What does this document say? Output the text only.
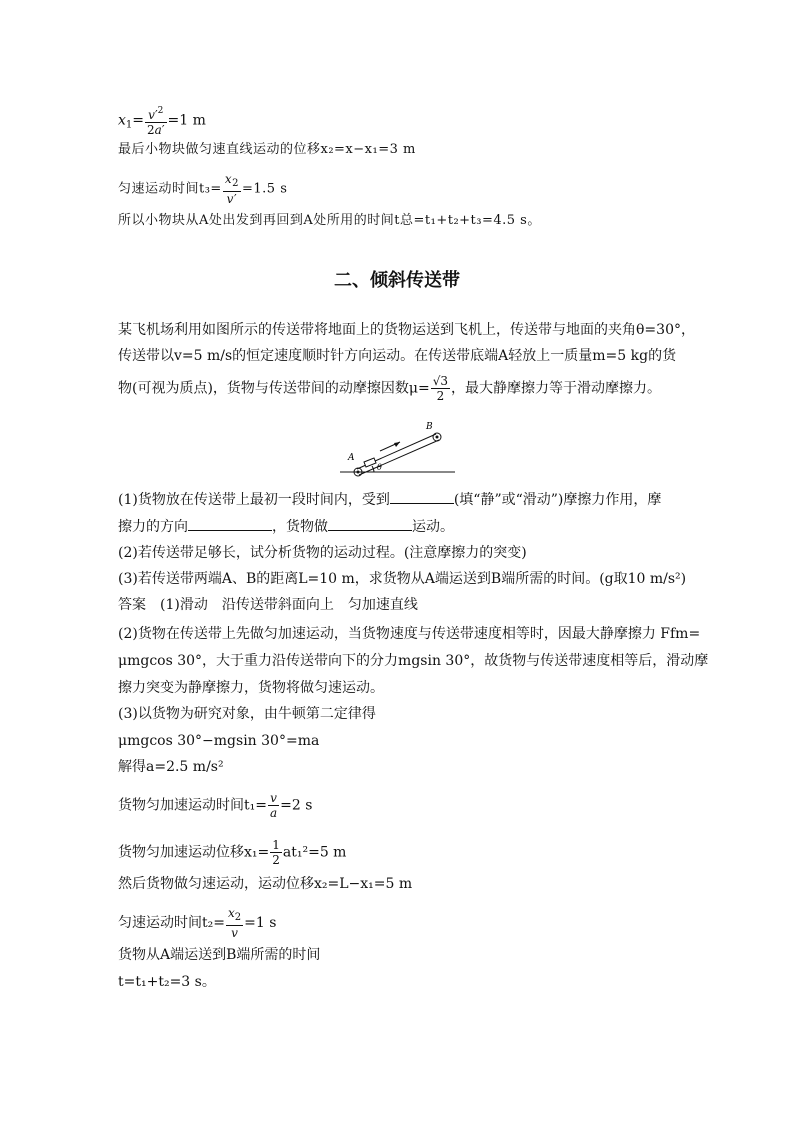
$x_1= \frac{v'^2}{2a'} =1$ m
最后小物块做匀速直线运动的位移x₂=x−x₁=3 m
匀速运动时间$t_3= \frac{x_2}{v'} =1.5$ s
所以小物块从A处出发到再回到A处所用的时间t总=t₁+t₂+t₃=4.5 s。
二、倾斜传送带
某飞机场利用如图所示的传送带将地面上的货物运送到飞机上，传送带与地面的夹角θ=30°，
传送带以v=5 m/s的恒定速度顺时针方向运动。在传送带底端A轻放上一质量m=5 kg的货
物(可视为质点)，货物与传送带间的动摩擦因数$\mu= \frac{√3}{2}$ ，最大静摩擦力等于滑动摩擦力。
A
B
θ
(1)货物放在传送带上最初一段时间内，受到	(填“静”或“滑动”)摩擦力作用，摩
擦力的方向	，货物做	运动。
(2)若传送带足够长，试分析货物的运动过程。(注意摩擦力的突变)
(3)若传送带两端A、B的距离L=10 m，求货物从A端运送到B端所需的时间。(g取10 m/s²)
答案　(1)滑动　沿传送带斜面向上　匀加速直线
(2)货物在传送带上先做匀加速运动，当货物速度与传送带速度相等时，因最大静摩擦力 Ffm=
μmgcos 30°，大于重力沿传送带向下的分力mgsin 30°，故货物与传送带速度相等后，滑动摩
擦力突变为静摩擦力，货物将做匀速运动。
(3)以货物为研究对象，由牛顿第二定律得
μmgcos 30°−mgsin 30°=ma
解得a=2.5 m/s²
货物匀加速运动时间$t_1= \frac{v}{a} =2$ s
货物匀加速运动位移$x_1= \frac{1}{2} at_1^2=5$ m
然后货物做匀速运动，运动位移x₂=L−x₁=5 m
匀速运动时间$t_2= \frac{x_2}{v} =1$ s
货物从A端运送到B端所需的时间
t=t₁+t₂=3 s。
